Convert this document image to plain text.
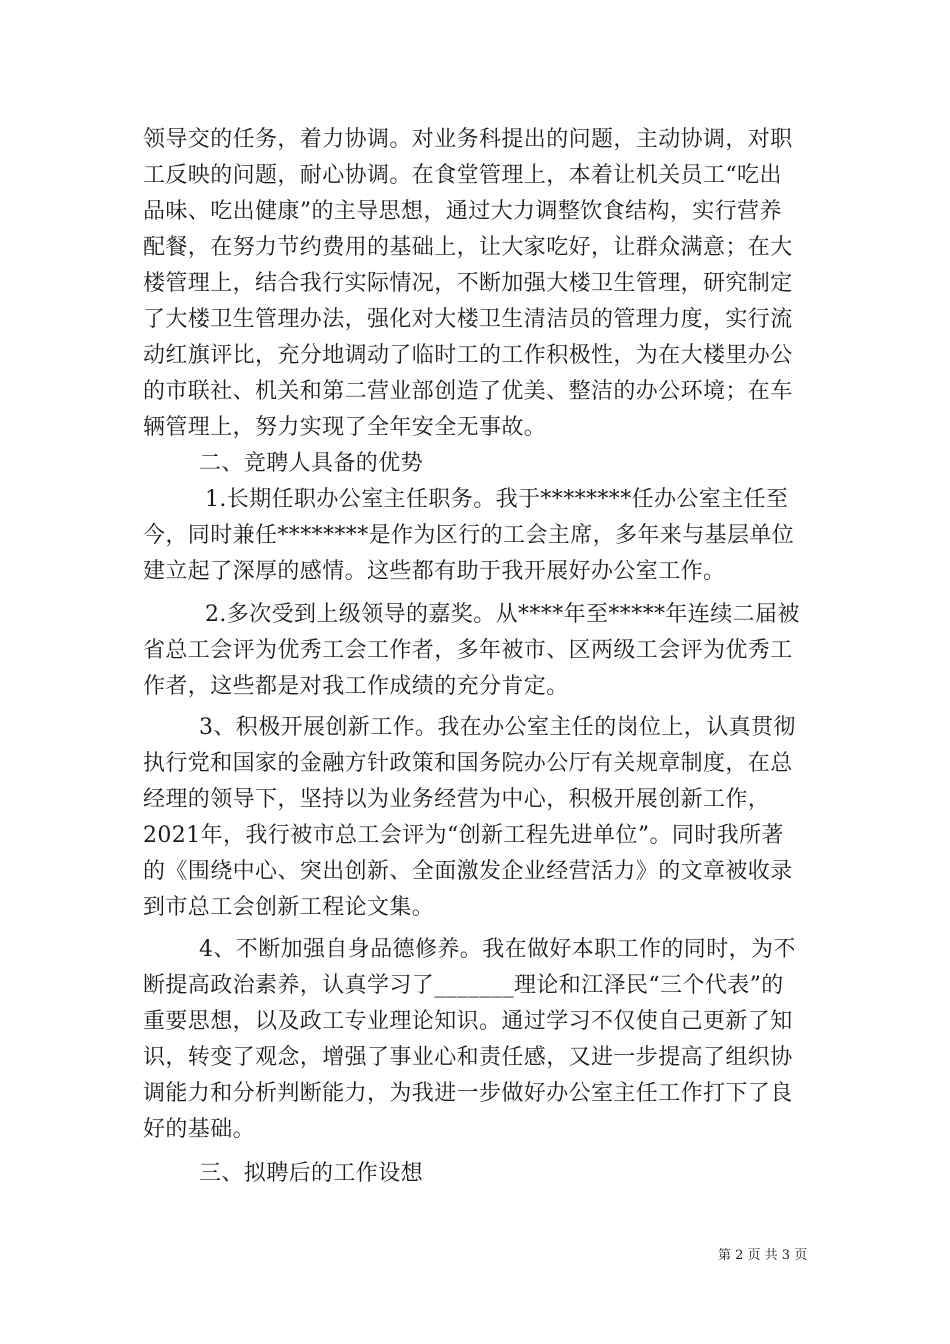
领导交的任务，着力协调。对业务科提出的问题，主动协调，对职
工反映的问题，耐心协调。在食堂管理上，本着让机关员工“吃出
品味、吃出健康”的主导思想，通过大力调整饮食结构，实行营养
配餐，在努力节约费用的基础上，让大家吃好，让群众满意；在大
楼管理上，结合我行实际情况，不断加强大楼卫生管理，研究制定
了大楼卫生管理办法，强化对大楼卫生清洁员的管理力度，实行流
动红旗评比，充分地调动了临时工的工作积极性，为在大楼里办公
的市联社、机关和第二营业部创造了优美、整洁的办公环境；在车
辆管理上，努力实现了全年安全无事故。
二、竞聘人具备的优势
1.长期任职办公室主任职务。我于********任办公室主任至
今，同时兼任********是作为区行的工会主席，多年来与基层单位
建立起了深厚的感情。这些都有助于我开展好办公室工作。
2.多次受到上级领导的嘉奖。从****年至*****年连续二届被
省总工会评为优秀工会工作者，多年被市、区两级工会评为优秀工
作者，这些都是对我工作成绩的充分肯定。
3、积极开展创新工作。我在办公室主任的岗位上，认真贯彻
执行党和国家的金融方针政策和国务院办公厅有关规章制度，在总
经理的领导下，坚持以为业务经营为中心，积极开展创新工作，
2021年，我行被市总工会评为“创新工程先进单位”。同时我所著
的《围绕中心、突出创新、全面激发企业经营活力》的文章被收录
到市总工会创新工程论文集。
4、不断加强自身品德修养。我在做好本职工作的同时，为不
断提高政治素养，认真学习了_______理论和江泽民“三个代表”的
重要思想，以及政工专业理论知识。通过学习不仅使自己更新了知
识，转变了观念，增强了事业心和责任感，又进一步提高了组织协
调能力和分析判断能力，为我进一步做好办公室主任工作打下了良
好的基础。
三、拟聘后的工作设想
第 2 页 共 3 页
